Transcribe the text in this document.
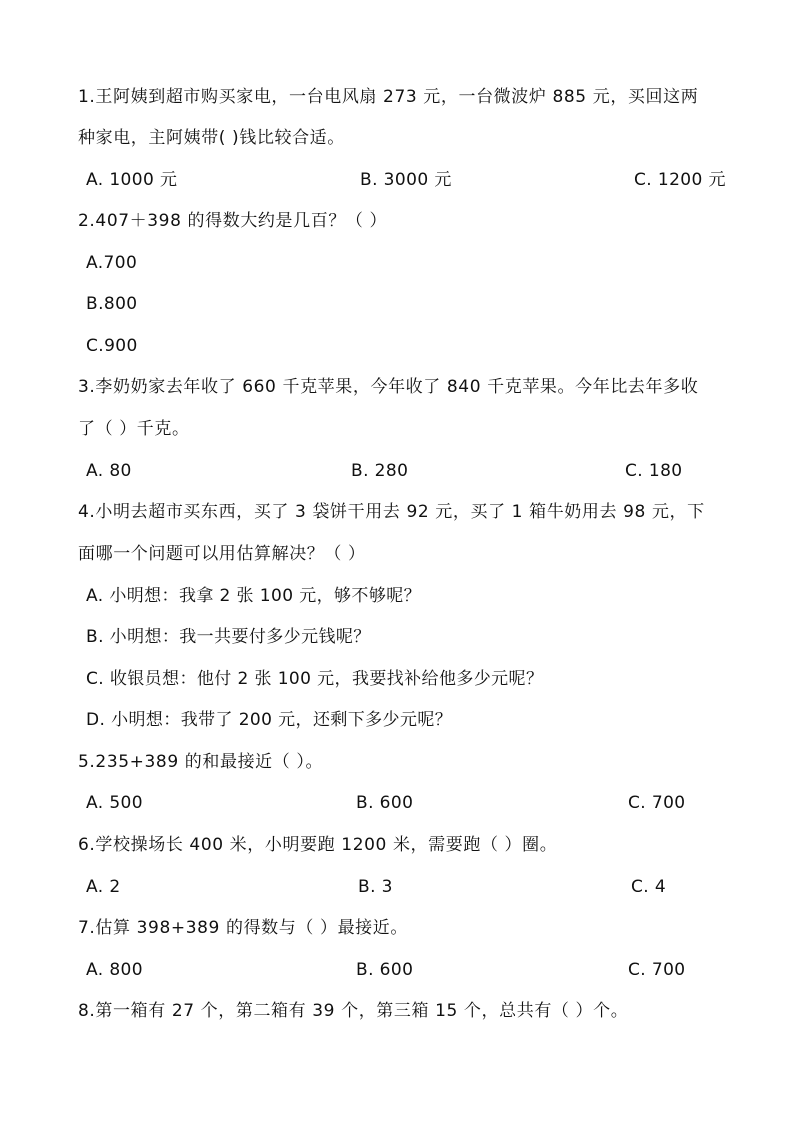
1.王阿姨到超市购买家电，一台电风扇 273 元，一台微波炉 885 元，买回这两
种家电，主阿姨带( )钱比较合适。
A. 1000 元	B. 3000 元	C. 1200 元
2.407＋398 的得数大约是几百？（ ）
A.700
B.800
C.900
3.李奶奶家去年收了 660 千克苹果，今年收了 840 千克苹果。今年比去年多收
了（ ）千克。
A. 80	B. 280	C. 180
4.小明去超市买东西，买了 3 袋饼干用去 92 元，买了 1 箱牛奶用去 98 元，下
面哪一个问题可以用估算解决？（ ）
A. 小明想：我拿 2 张 100 元，够不够呢？
B. 小明想：我一共要付多少元钱呢？
C. 收银员想：他付 2 张 100 元，我要找补给他多少元呢？
D. 小明想：我带了 200 元，还剩下多少元呢？
5.235+389 的和最接近（ ）。
A. 500	B. 600	C. 700
6.学校操场长 400 米，小明要跑 1200 米，需要跑（ ）圈。
A. 2	B. 3	C. 4
7.估算 398+389 的得数与（ ）最接近。
A. 800	B. 600	C. 700
8.第一箱有 27 个，第二箱有 39 个，第三箱 15 个，总共有（ ）个。
